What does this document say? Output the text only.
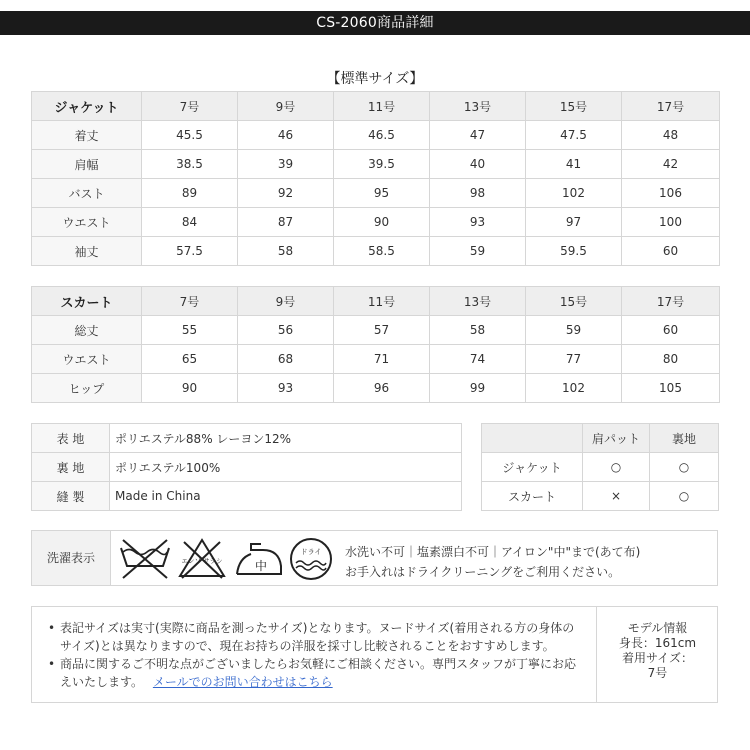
CS-2060商品詳細
【標準サイズ】
ジャケット	7号	9号	11号	13号	15号	17号
着丈	45.5	46	46.5	47	47.5	48
肩幅	38.5	39	39.5	40	41	42
バスト	89	92	95	98	102	106
ウエスト	84	87	90	93	97	100
袖丈	57.5	58	58.5	59	59.5	60
スカート	7号	9号	11号	13号	15号	17号
総丈	55	56	57	58	59	60
ウエスト	65	68	71	74	77	80
ヒップ	90	93	96	99	102	105
表 地	ポリエステル88% レーヨン12%
裏 地	ポリエステル100%
縫 製	Made in China
	肩パット	裏地
ジャケット	○	○
スカート	×	○
洗濯表示	エンソ サラシ	中
ドライ 水洗い不可｜塩素漂白不可｜アイロン"中"まで(あて布)
お手入れはドライクリーニングをご利用ください。
• 表記サイズは実寸(実際に商品を測ったサイズ)となります。ヌードサイズ(着用される方の身体の
サイズ)とは異なりますので、現在お持ちの洋服を採寸し比較されることをおすすめします。
• 商品に関するご不明な点がございましたらお気軽にご相談ください。専門スタッフが丁寧にお応
えいたします。 メールでのお問い合わせはこちら
モデル情報
身長：161cm
着用サイズ：
7号
